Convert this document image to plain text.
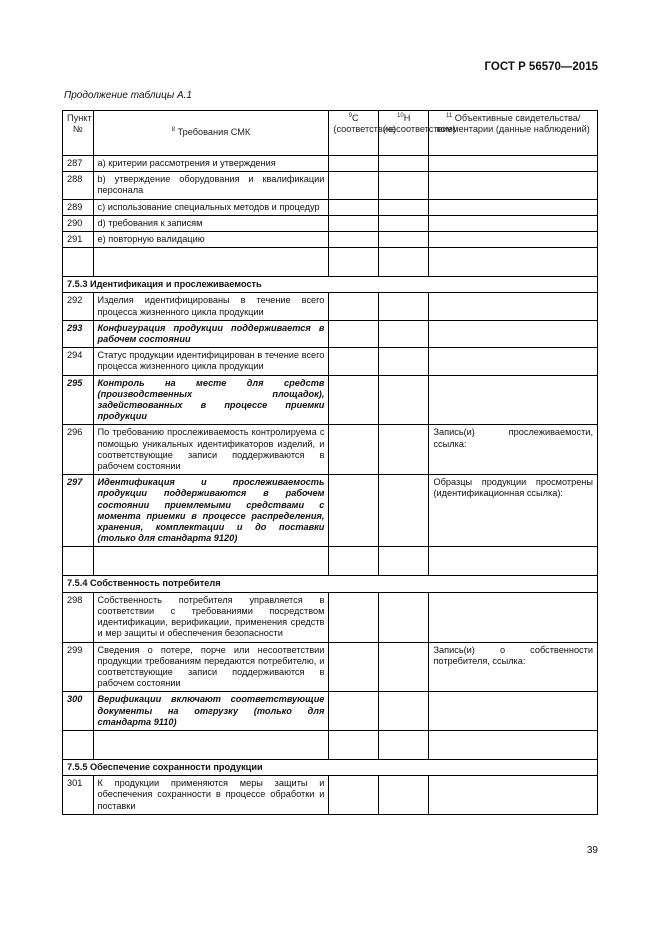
ГОСТ Р 56570—2015
Продолжение таблицы А.1
Пункт №	$^8$ Требования СМК	$^9$С (соответствие)	$^{10}$Н (несоответствие)	$^{11}$ Объективные свидетельства/ комментарии (данные наблюдений)
287	a) критерии рассмотрения и утверждения			
288	b) утверждение оборудования и квалификации персонала			
289	c) использование специальных методов и процедур			
290	d) требования к записям			
291	e) повторную валидацию			

7.5.3 Идентификация и прослеживаемость				
292	Изделия идентифицированы в течение всего процесса жизненного цикла продукции			
293	Конфигурация продукции поддерживается в рабочем состоянии			
294	Статус продукции идентифицирован в течение всего процесса жизненного цикла продукции			
295	Контроль на месте для средств (производственных площадок), задействованных в процессе приемки продукции			
296	По требованию прослеживаемость контролируема с помощью уникальных идентификаторов изделий, и соответствующие записи поддерживаются в рабочем состоянии			Запись(и) прослеживаемости, ссылка:
297	Идентификация и прослеживаемость продукции поддерживаются в рабочем состоянии приемлемыми средствами с момента приемки в процессе распределения, хранения, комплектации и до поставки (только для стандарта 9120)			Образцы продукции просмотрены (идентификационная ссылка):

7.5.4 Собственность потребителя				
298	Собственность потребителя управляется в соответствии с требованиями посредством идентификации, верификации, применения средств и мер защиты и обеспечения безопасности			
299	Сведения о потере, порче или несоответствии продукции требованиям передаются потребителю, и соответствующие записи поддерживаются в рабочем состоянии			Запись(и) о собственности потребителя, ссылка:
300	Верификации включают соответствующие документы на отгрузку (только для стандарта 9110)			

7.5.5 Обеспечение сохранности продукции				
301	К продукции применяются меры защиты и обеспечения сохранности в процессе обработки и поставки			
39
